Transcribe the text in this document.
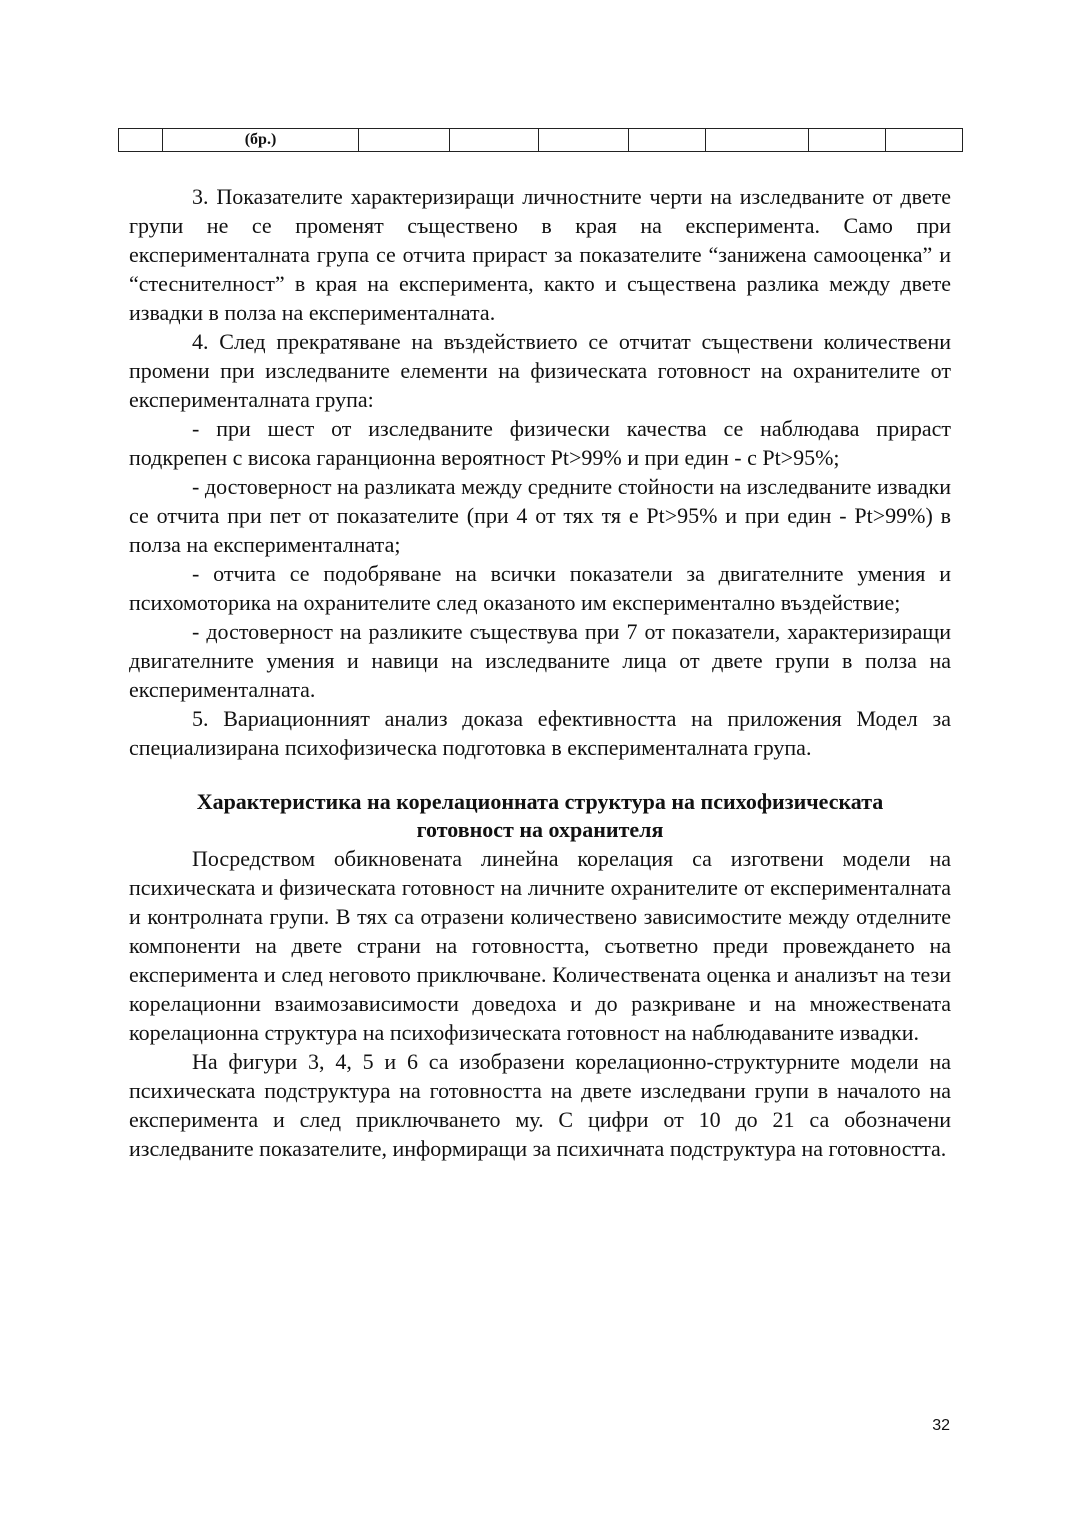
	(бр.)							

3. Показателите характеризиращи личностните черти на изследваните от двете групи не се променят съществено в края на експеримента. Само при експерименталната група се отчита прираст за показателите “занижена самооценка” и “стеснителност” в края на експеримента, както и съществена разлика между двете извадки в полза на експерименталната.

4. След прекратяване на въздействието се отчитат съществени количествени промени при изследваните елементи на физическата готовност на охранителите от експерименталната група:

- при шест от изследваните физически качества се наблюдава прираст подкрепен с висока гаранционна вероятност Pt>99% и при един - с Pt>95%;

- достоверност на разликата между средните стойности на изследваните извадки се отчита при пет от показателите (при 4 от тях тя е Pt>95% и при един - Pt>99%) в полза на експерименталната;

- отчита се подобряване на всички показатели за двигателните умения и психомоторика на охранителите след оказаното им експериментално въздействие;

- достоверност на разликите съществува при 7 от показатели, характеризиращи двигателните умения и навици на изследваните лица от двете групи в полза на експерименталната.

5. Вариационният анализ доказа ефективността на приложения Модел за специализирана психофизическа подготовка в експерименталната група.

Характеристика на корелационната структура на психофизическата
готовност на охранителя

Посредством обикновената линейна корелация са изготвени модели на психическата и физическата готовност на личните охранителите от експерименталната и контролната групи. В тях са отразени количествено зависимостите между отделните компоненти на двете страни на готовността, съответно преди провеждането на експеримента и след неговото приключване. Количествената оценка и анализът на тези корелационни взаимозависимости доведоха и до разкриване и на множествената корелационна структура на психофизическата готовност на наблюдаваните извадки.

На фигури 3, 4, 5 и 6 са изобразени корелационно-структурните модели на психическата подструктура на готовността на двете изследвани групи в началото на експеримента и след приключването му. С цифри от 10 до 21 са обозначени изследваните показателите, информиращи за психичната подструктура на готовността.

32
